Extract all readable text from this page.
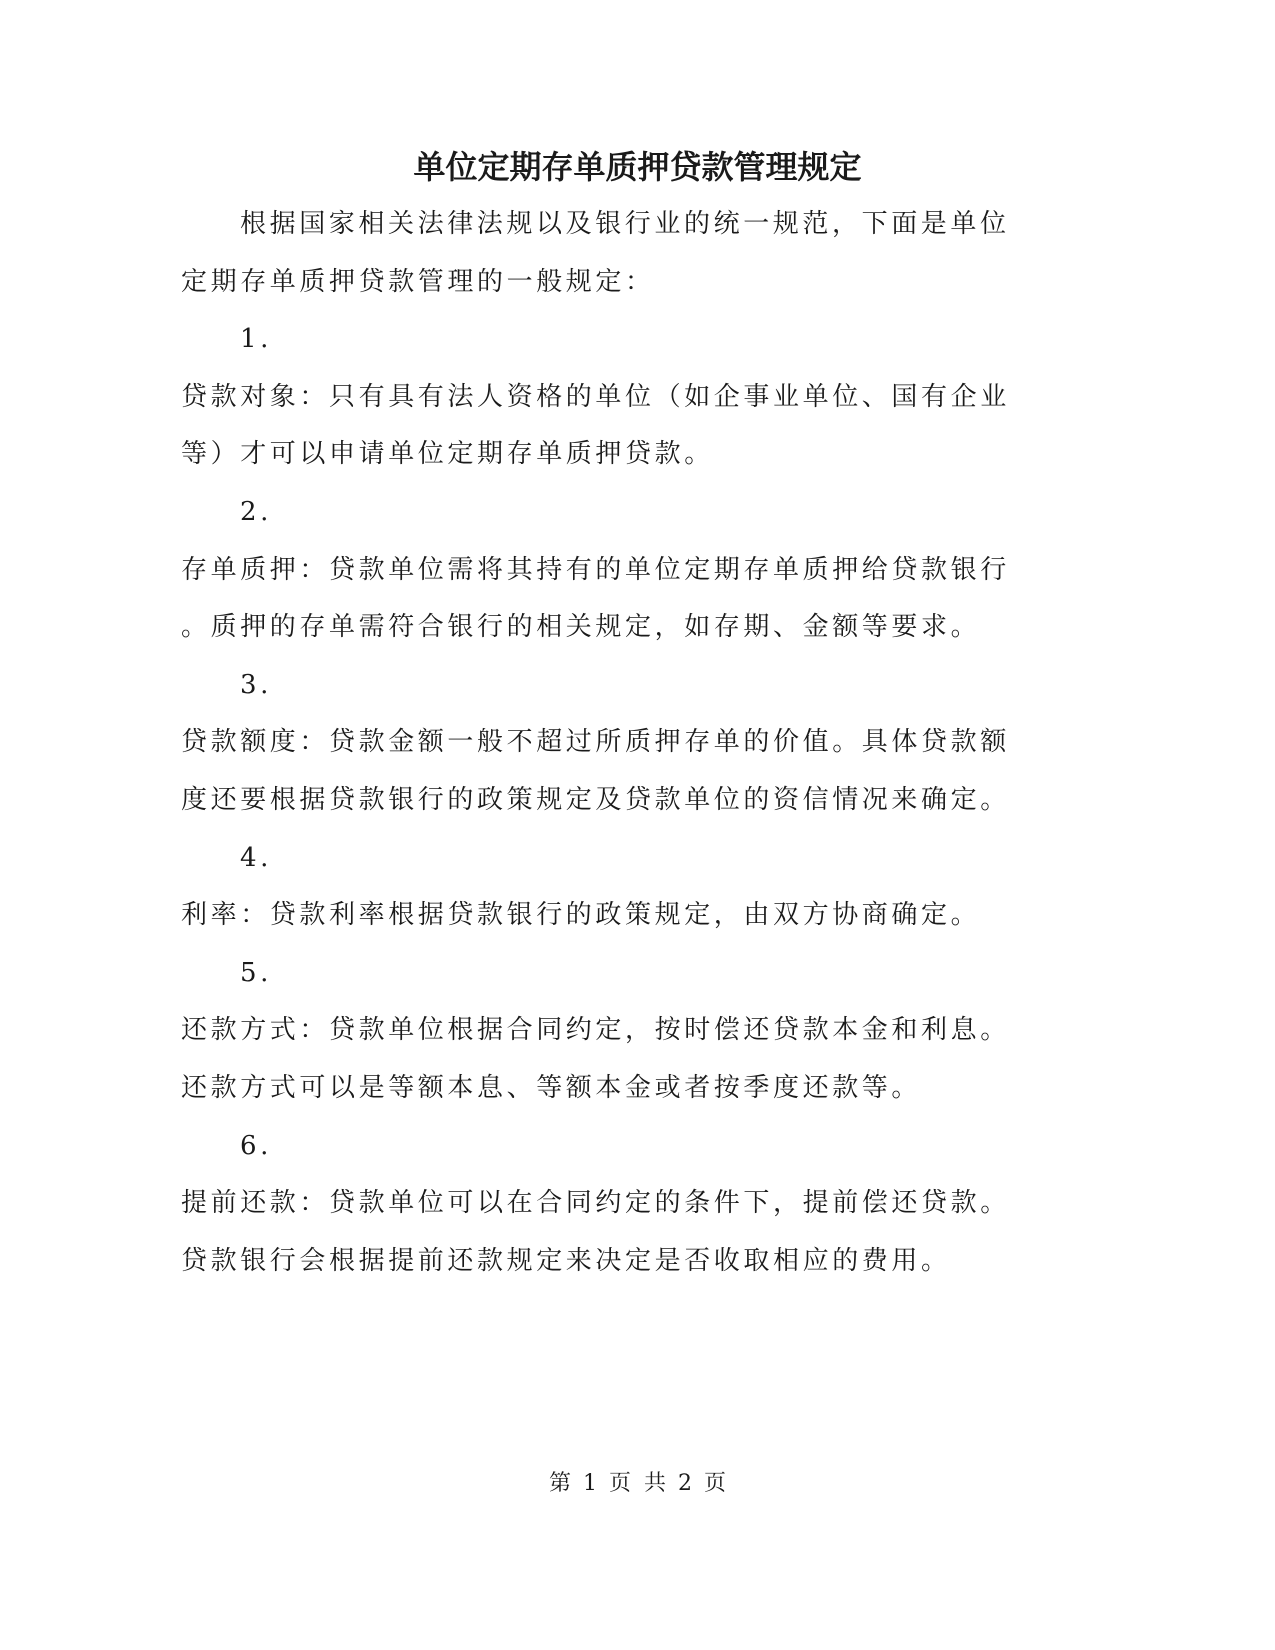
单位定期存单质押贷款管理规定
根据国家相关法律法规以及银行业的统一规范，下面是单位
定期存单质押贷款管理的一般规定：
1.
贷款对象：只有具有法人资格的单位（如企事业单位、国有企业
等）才可以申请单位定期存单质押贷款。
2.
存单质押：贷款单位需将其持有的单位定期存单质押给贷款银行
。质押的存单需符合银行的相关规定，如存期、金额等要求。
3.
贷款额度：贷款金额一般不超过所质押存单的价值。具体贷款额
度还要根据贷款银行的政策规定及贷款单位的资信情况来确定。
4.
利率：贷款利率根据贷款银行的政策规定，由双方协商确定。
5.
还款方式：贷款单位根据合同约定，按时偿还贷款本金和利息。
还款方式可以是等额本息、等额本金或者按季度还款等。
6.
提前还款：贷款单位可以在合同约定的条件下，提前偿还贷款。
贷款银行会根据提前还款规定来决定是否收取相应的费用。
第 1 页 共 2 页
